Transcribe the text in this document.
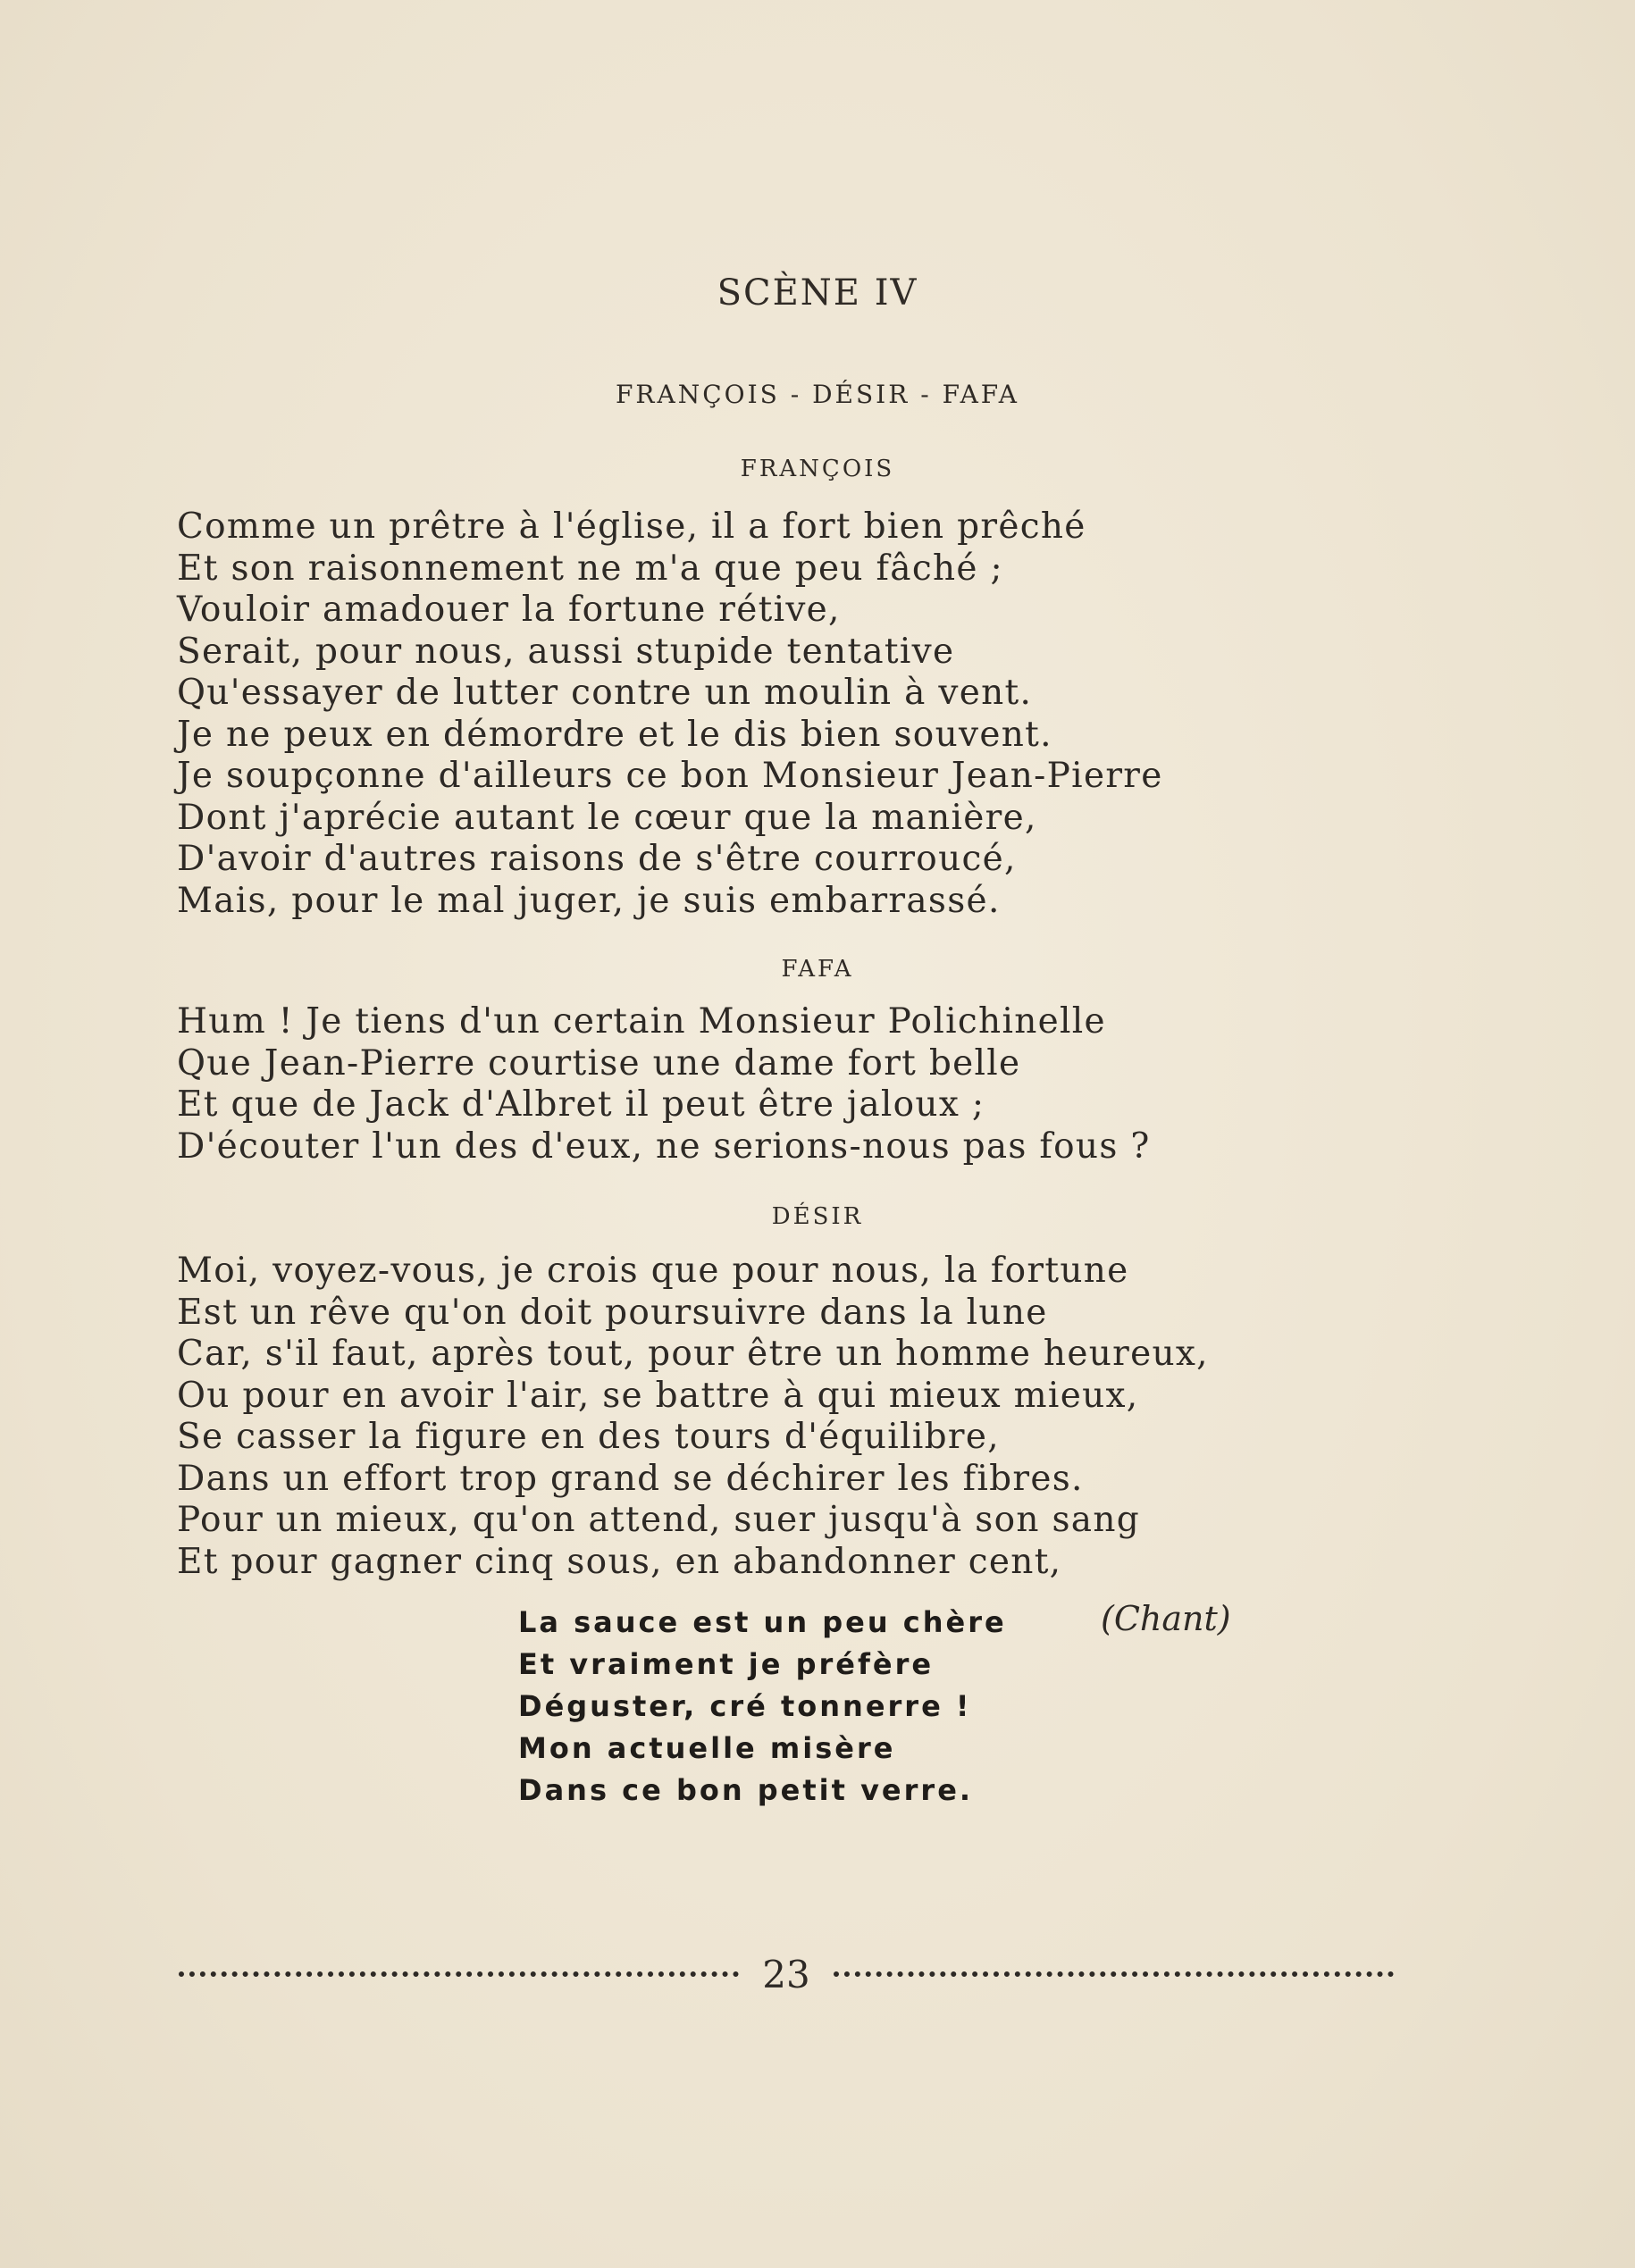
SCÈNE IV
FRANÇOIS - DÉSIR - FAFA
FRANÇOIS
Comme un prêtre à l'église, il a fort bien prêché
Et son raisonnement ne m'a que peu fâché ;
Vouloir amadouer la fortune rétive,
Serait, pour nous, aussi stupide tentative
Qu'essayer de lutter contre un moulin à vent.
Je ne peux en démordre et le dis bien souvent.
Je soupçonne d'ailleurs ce bon Monsieur Jean-Pierre
Dont j'aprécie autant le cœur que la manière,
D'avoir d'autres raisons de s'être courroucé,
Mais, pour le mal juger, je suis embarrassé.
FAFA
Hum ! Je tiens d'un certain Monsieur Polichinelle
Que Jean-Pierre courtise une dame fort belle
Et que de Jack d'Albret il peut être jaloux ;
D'écouter l'un des d'eux, ne serions-nous pas fous ?
DÉSIR
Moi, voyez-vous, je crois que pour nous, la fortune
Est un rêve qu'on doit poursuivre dans la lune
Car, s'il faut, après tout, pour être un homme heureux,
Ou pour en avoir l'air, se battre à qui mieux mieux,
Se casser la figure en des tours d'équilibre,
Dans un effort trop grand se déchirer les fibres.
Pour un mieux, qu'on attend, suer jusqu'à son sang
Et pour gagner cinq sous, en abandonner cent,
La sauce est un peu chère
Et vraiment je préfère
Déguster, cré tonnerre !
Mon actuelle misère
Dans ce bon petit verre.
(Chant)
23
